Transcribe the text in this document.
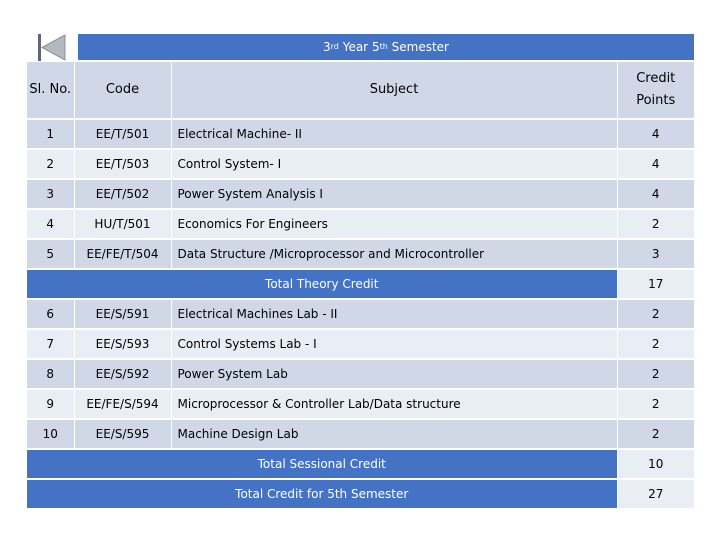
3 rd
Year
5 th
Semester
Sl. No.	Code	Subject	Credit
Points
1	EE/T/501	Electrical Machine- II	4
2	EE/T/503	Control System- I	4
3	EE/T/502	Power System Analysis I	4
4	HU/T/501	Economics For Engineers	2
5	EE/FE/T/504	Data Structure /Microprocessor and Microcontroller	3
Total Theory Credit			17
6	EE/S/591	Electrical Machines Lab - II	2
7	EE/S/593	Control Systems Lab - I	2
8	EE/S/592	Power System Lab	2
9	EE/FE/S/594	Microprocessor & Controller Lab/Data structure	2
10	EE/S/595	Machine Design Lab	2
Total Sessional Credit			10
Total Credit for 5th Semester			27
